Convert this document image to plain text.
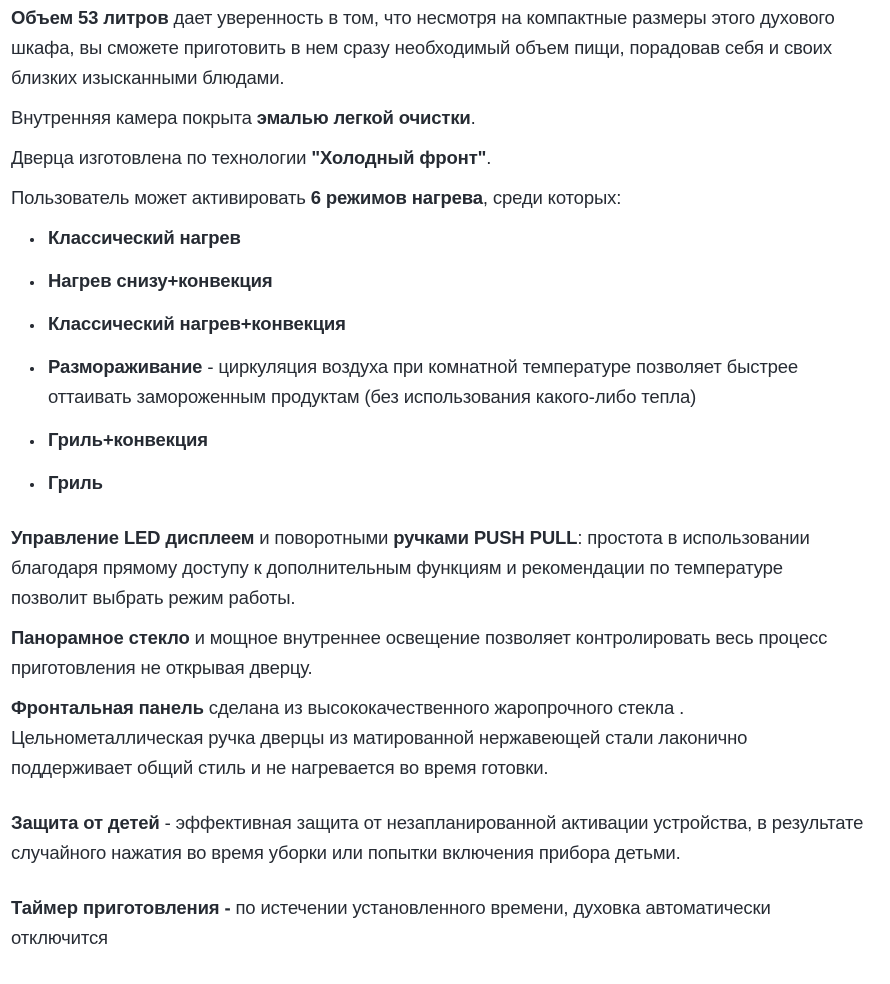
Объем 53 литров дает уверенность в том, что несмотря на компактные размеры этого духового шкафа, вы сможете приготовить в нем сразу необходимый объем пищи, порадовав себя и своих близких изысканными блюдами.

Внутренняя камера покрыта эмалью легкой очистки.

Дверца изготовлена по технологии "Холодный фронт".

Пользователь может активировать 6 режимов нагрева, среди которых:

• Классический нагрев
• Нагрев снизу+конвекция
• Классический нагрев+конвекция
• Размораживание - циркуляция воздуха при комнатной температуре позволяет быстрее оттаивать замороженным продуктам (без использования какого-либо тепла)
• Гриль+конвекция
• Гриль

Управление LED дисплеем и поворотными ручками PUSH PULL: простота в использовании благодаря прямому доступу к дополнительным функциям и рекомендации по температуре позволит выбрать режим работы.

Панорамное стекло и мощное внутреннее освещение позволяет контролировать весь процесс приготовления не открывая дверцу.

Фронтальная панель сделана из высококачественного жаропрочного стекла . Цельнометаллическая ручка дверцы из матированной нержавеющей стали лаконично поддерживает общий стиль и не нагревается во время готовки.

Защита от детей - эффективная защита от незапланированной активации устройства, в результате случайного нажатия во время уборки или попытки включения прибора детьми.

Таймер приготовления - по истечении установленного времени, духовка автоматически отключится
